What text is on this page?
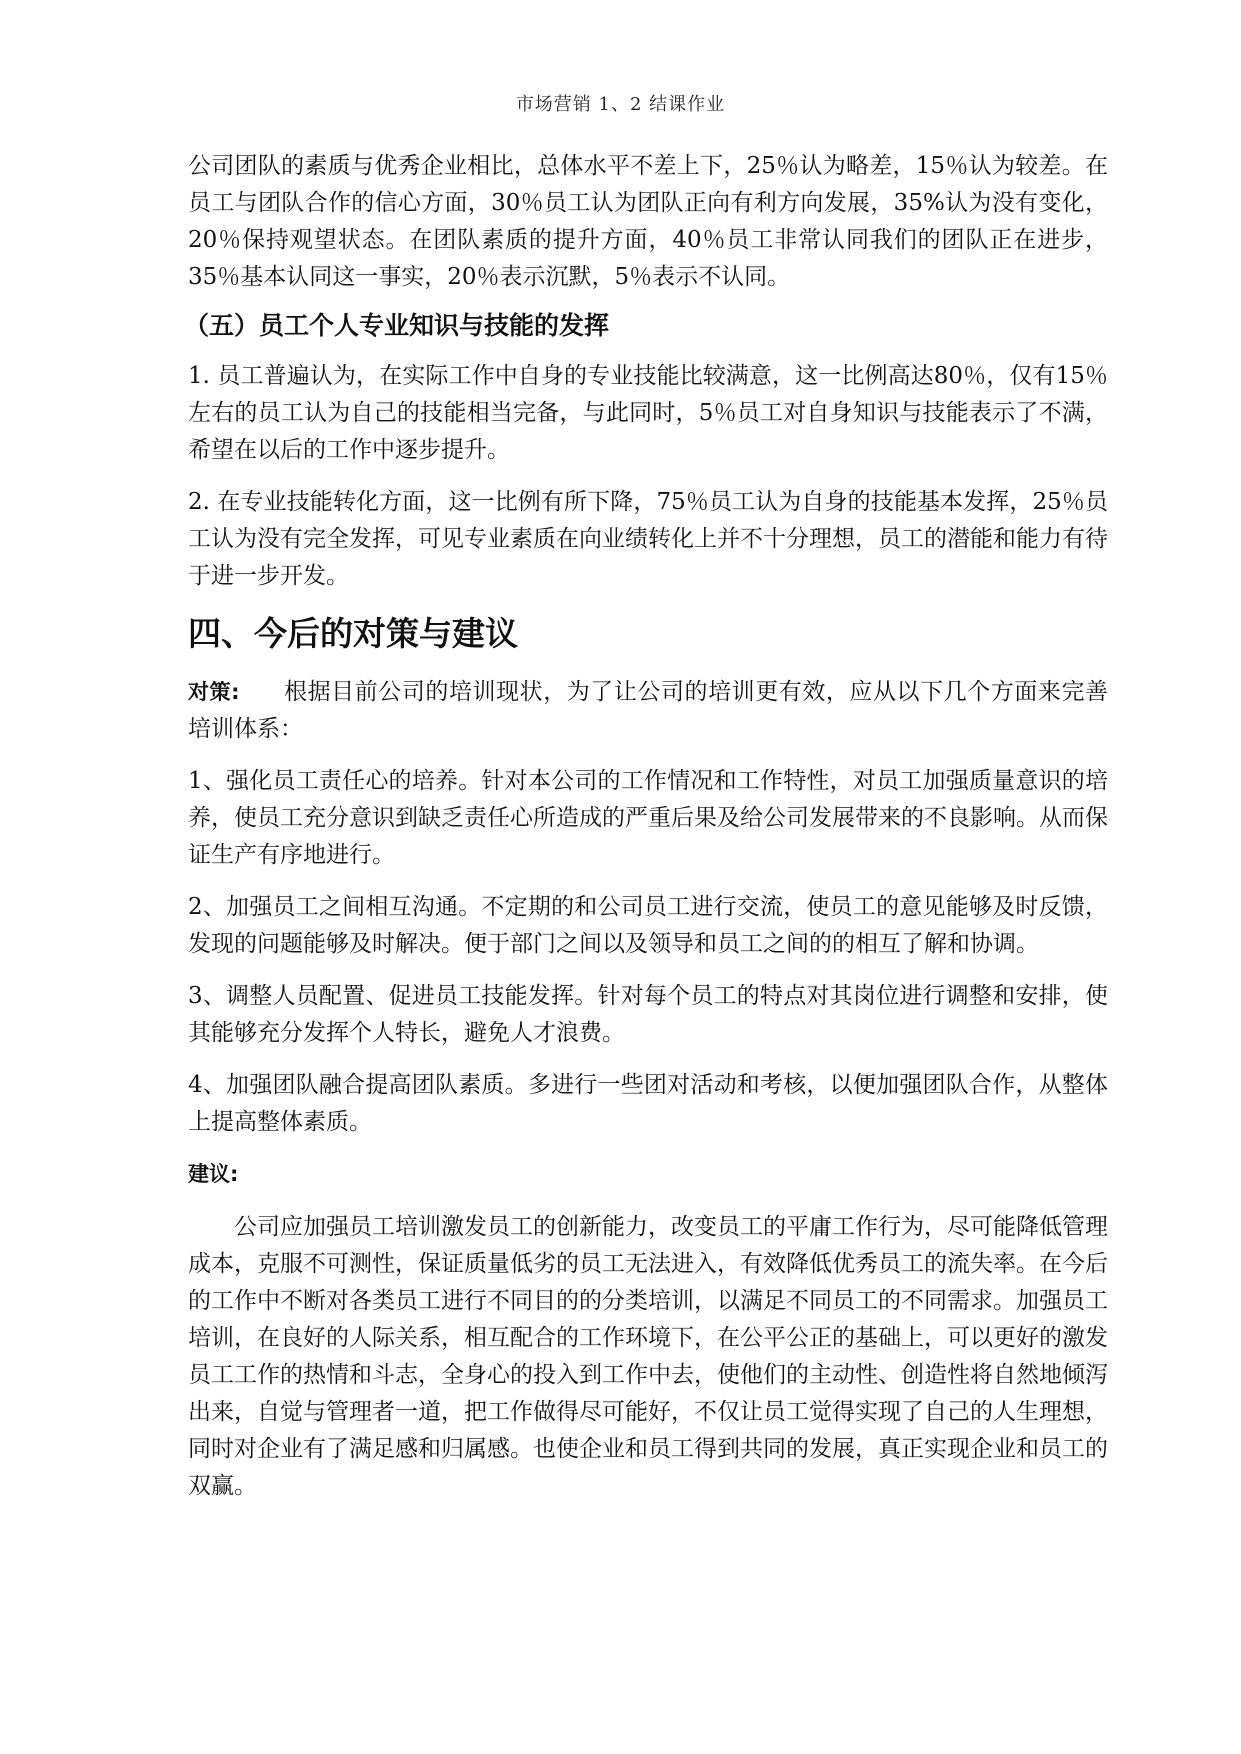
市场营销 1、2 结课作业

公司团队的素质与优秀企业相比，总体水平不差上下，25％认为略差，15％认为较差。在员工与团队合作的信心方面，30％员工认为团队正向有利方向发展，35%认为没有变化，20％保持观望状态。在团队素质的提升方面，40％员工非常认同我们的团队正在进步，35％基本认同这一事实，20％表示沉默，5％表示不认同。

（五）员工个人专业知识与技能的发挥

1. 员工普遍认为，在实际工作中自身的专业技能比较满意，这一比例高达80％，仅有15％左右的员工认为自己的技能相当完备，与此同时，5％员工对自身知识与技能表示了不满，希望在以后的工作中逐步提升。

2. 在专业技能转化方面，这一比例有所下降，75％员工认为自身的技能基本发挥，25％员工认为没有完全发挥，可见专业素质在向业绩转化上并不十分理想，员工的潜能和能力有待于进一步开发。

四、今后的对策与建议

对策: 根据目前公司的培训现状，为了让公司的培训更有效，应从以下几个方面来完善培训体系：

1、强化员工责任心的培养。针对本公司的工作情况和工作特性，对员工加强质量意识的培养，使员工充分意识到缺乏责任心所造成的严重后果及给公司发展带来的不良影响。从而保证生产有序地进行。

2、加强员工之间相互沟通。不定期的和公司员工进行交流，使员工的意见能够及时反馈，发现的问题能够及时解决。便于部门之间以及领导和员工之间的的相互了解和协调。

3、调整人员配置、促进员工技能发挥。针对每个员工的特点对其岗位进行调整和安排，使其能够充分发挥个人特长，避免人才浪费。

4、加强团队融合提高团队素质。多进行一些团对活动和考核，以便加强团队合作，从整体上提高整体素质。

建议:

公司应加强员工培训激发员工的创新能力，改变员工的平庸工作行为，尽可能降低管理成本，克服不可测性，保证质量低劣的员工无法进入，有效降低优秀员工的流失率。在今后的工作中不断对各类员工进行不同目的的分类培训，以满足不同员工的不同需求。加强员工培训，在良好的人际关系，相互配合的工作环境下，在公平公正的基础上，可以更好的激发员工工作的热情和斗志，全身心的投入到工作中去，使他们的主动性、创造性将自然地倾泻出来，自觉与管理者一道，把工作做得尽可能好，不仅让员工觉得实现了自己的人生理想，同时对企业有了满足感和归属感。也使企业和员工得到共同的发展，真正实现企业和员工的双赢。
